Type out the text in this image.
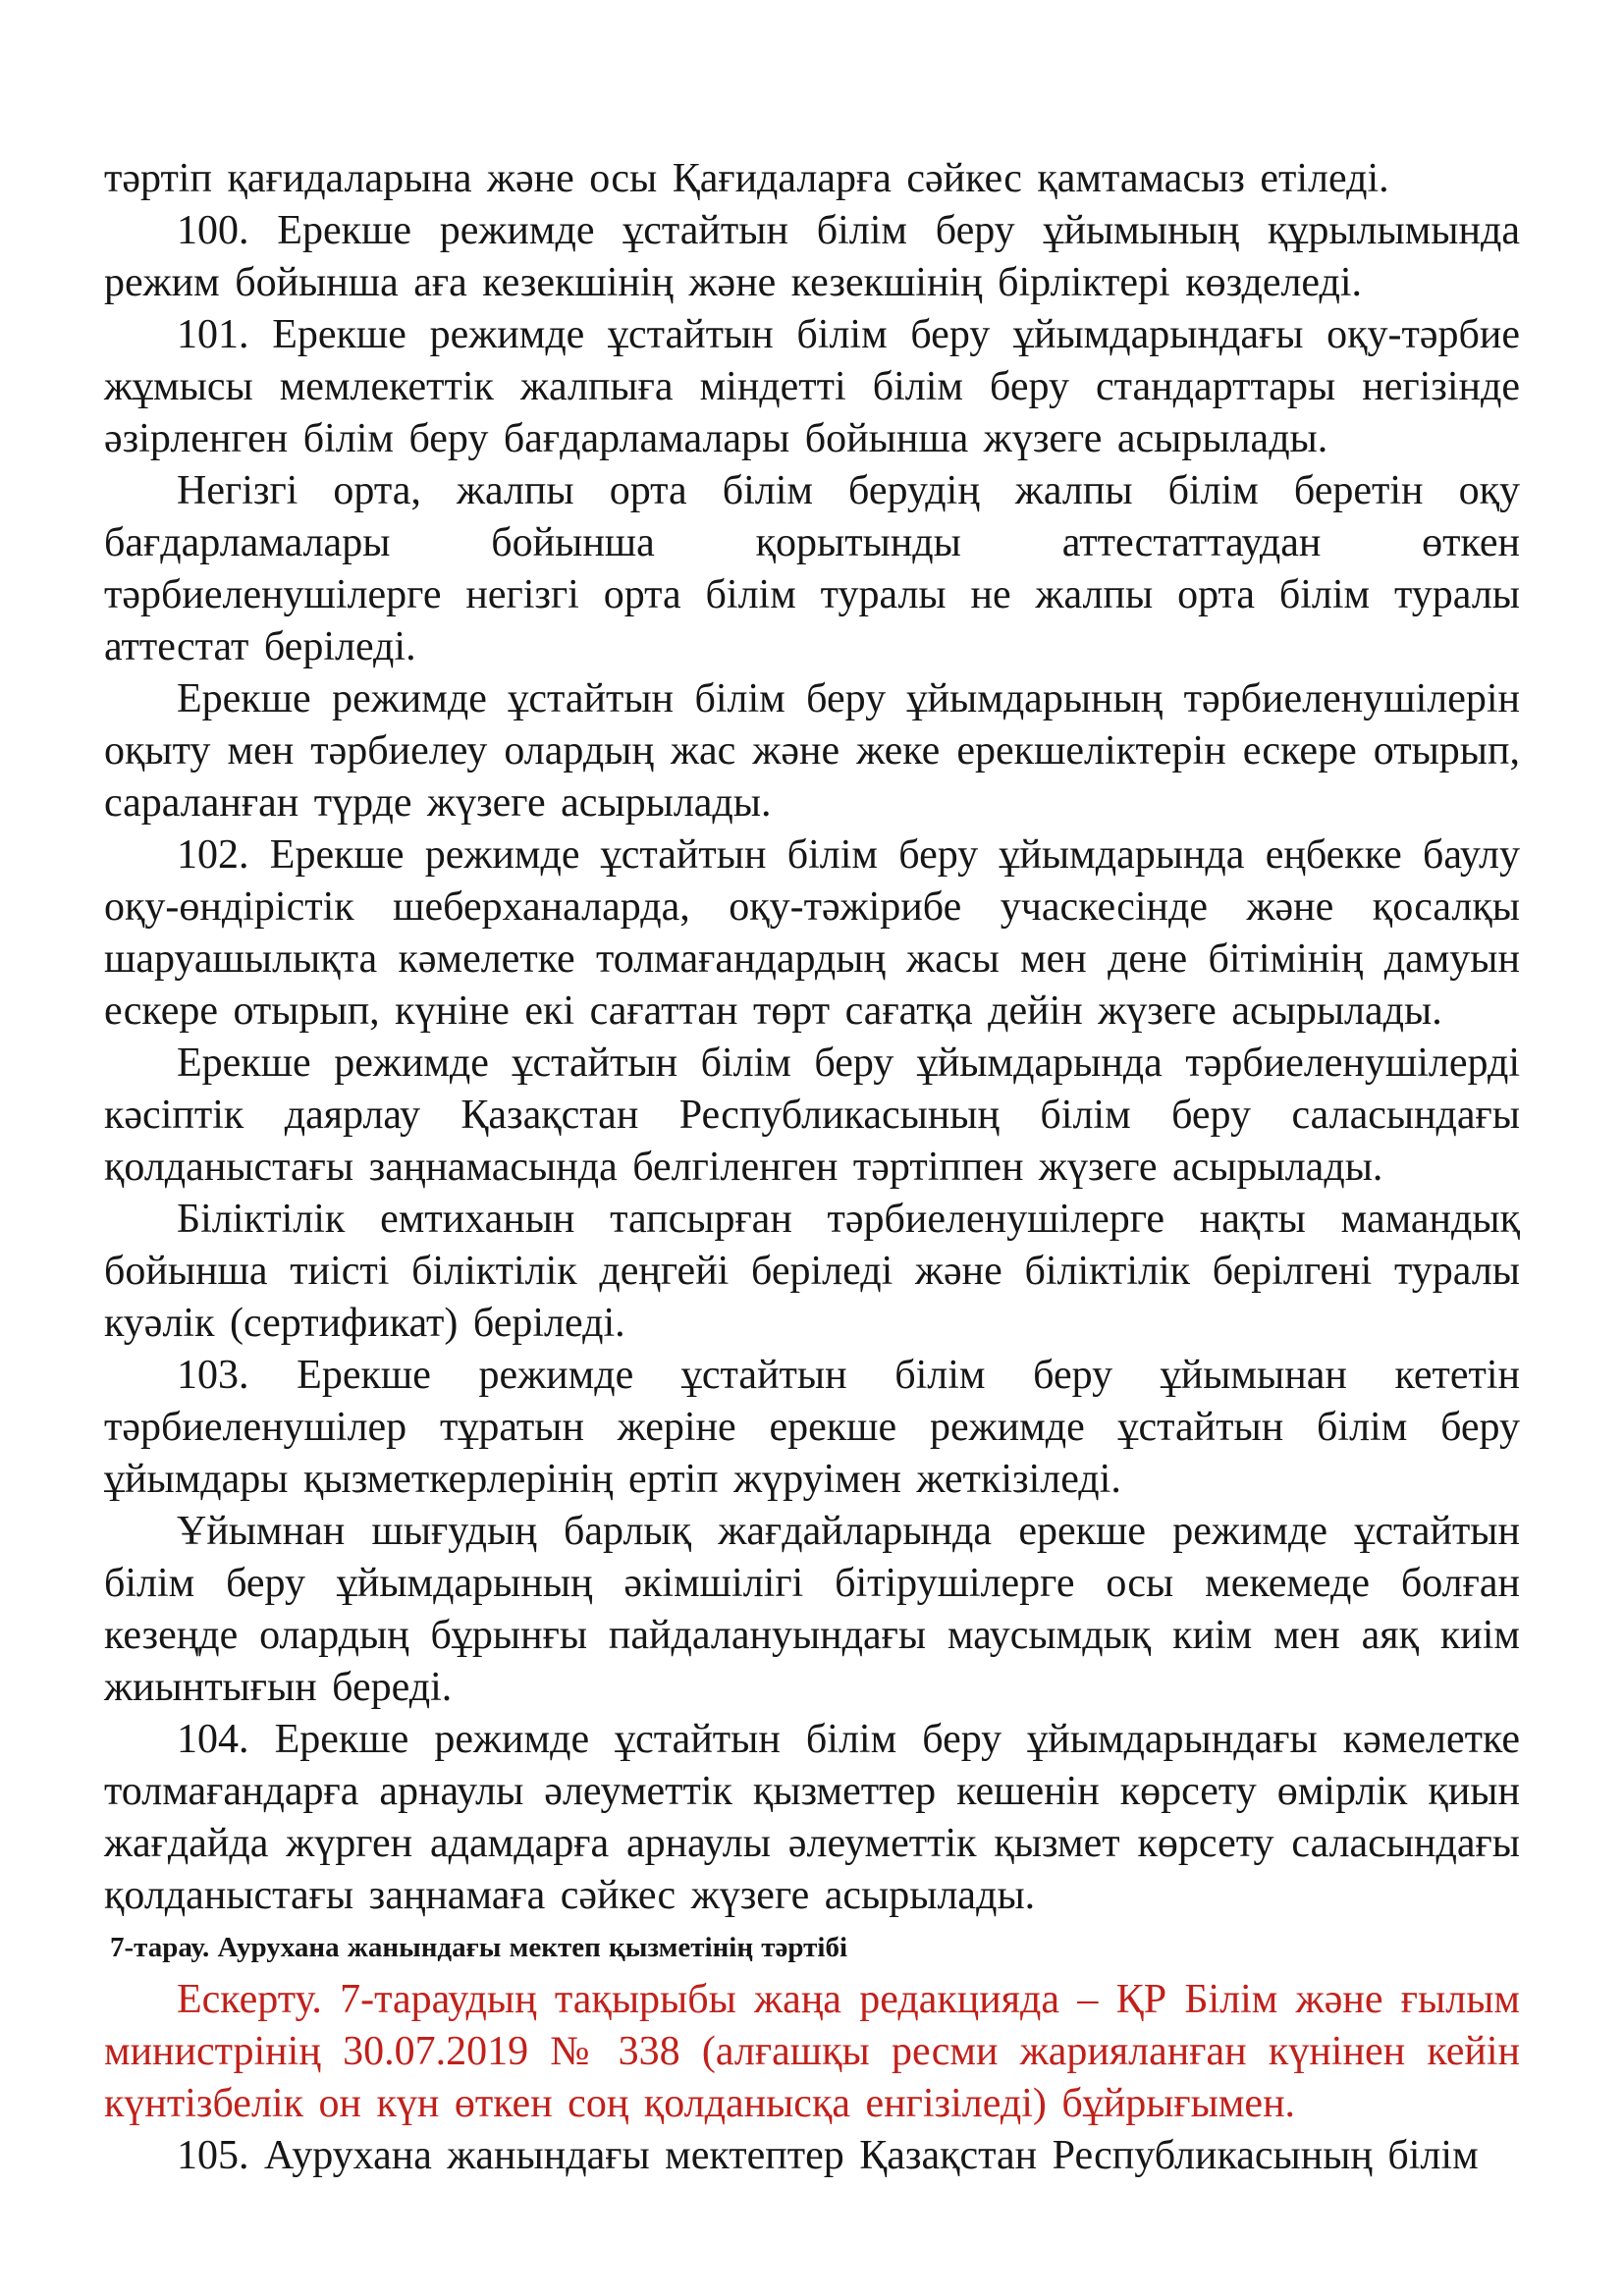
тәртіп қағидаларына және осы Қағидаларға сәйкес қамтамасыз етіледі.

100. Ерекше режимде ұстайтын білім беру ұйымының құрылымында режим бойынша аға кезекшінің және кезекшінің бірліктері көзделеді.

101. Ерекше режимде ұстайтын білім беру ұйымдарындағы оқу-тәрбие жұмысы мемлекеттік жалпыға міндетті білім беру стандарттары негізінде әзірленген білім беру бағдарламалары бойынша жүзеге асырылады.

Негізгі орта, жалпы орта білім берудің жалпы білім беретін оқу бағдарламалары бойынша қорытынды аттестаттаудан өткен тәрбиеленушілерге негізгі орта білім туралы не жалпы орта білім туралы аттестат беріледі.

Ерекше режимде ұстайтын білім беру ұйымдарының тәрбиеленушілерін оқыту мен тәрбиелеу олардың жас және жеке ерекшеліктерін ескере отырып, сараланған түрде жүзеге асырылады.

102. Ерекше режимде ұстайтын білім беру ұйымдарында еңбекке баулу оқу-өндірістік шеберханаларда, оқу-тәжірибе учаскесінде және қосалқы шаруашылықта кәмелетке толмағандардың жасы мен дене бітімінің дамуын ескере отырып, күніне екі сағаттан төрт сағатқа дейін жүзеге асырылады.

Ерекше режимде ұстайтын білім беру ұйымдарында тәрбиеленушілерді кәсіптік даярлау Қазақстан Республикасының білім беру саласындағы қолданыстағы заңнамасында белгіленген тәртіппен жүзеге асырылады.

Біліктілік емтиханын тапсырған тәрбиеленушілерге нақты мамандық бойынша тиісті біліктілік деңгейі беріледі және біліктілік берілгені туралы куәлік (сертификат) беріледі.

103. Ерекше режимде ұстайтын білім беру ұйымынан кететін тәрбиеленушілер тұратын жеріне ерекше режимде ұстайтын білім беру ұйымдары қызметкерлерінің ертіп жүруімен жеткізіледі.

Ұйымнан шығудың барлық жағдайларында ерекше режимде ұстайтын білім беру ұйымдарының әкімшілігі бітірушілерге осы мекемеде болған кезеңде олардың бұрынғы пайдалануындағы маусымдық киім мен аяқ киім жиынтығын береді.

104. Ерекше режимде ұстайтын білім беру ұйымдарындағы кәмелетке толмағандарға арнаулы әлеуметтік қызметтер кешенін көрсету өмірлік қиын жағдайда жүрген адамдарға арнаулы әлеуметтік қызмет көрсету саласындағы қолданыстағы заңнамаға сәйкес жүзеге асырылады.

7-тарау. Аурухана жанындағы мектеп қызметінің тәртібі

Ескерту. 7-тараудың тақырыбы жаңа редакцияда – ҚР Білім және ғылым министрінің 30.07.2019 № 338 (алғашқы ресми жарияланған күнінен кейін күнтізбелік он күн өткен соң қолданысқа енгізіледі) бұйрығымен.

105. Аурухана жанындағы мектептер Қазақстан Республикасының білім
